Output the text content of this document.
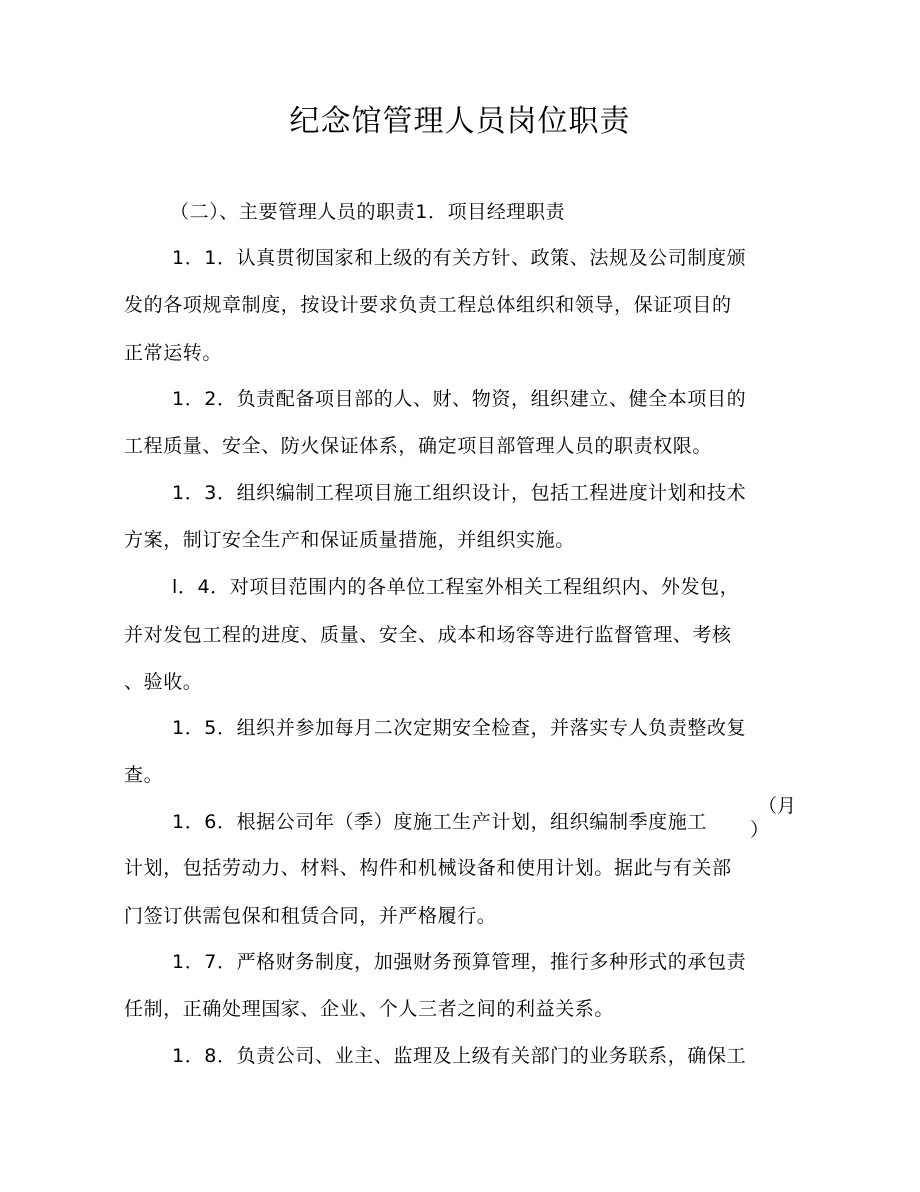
纪念馆管理人员岗位职责
（二）、主要管理人员的职责1．项目经理职责
1．1．认真贯彻国家和上级的有关方针、政策、法规及公司制度颁
发的各项规章制度，按设计要求负责工程总体组织和领导，保证项目的
正常运转。
1．2．负责配备项目部的人、财、物资，组织建立、健全本项目的
工程质量、安全、防火保证体系，确定项目部管理人员的职责权限。
1．3．组织编制工程项目施工组织设计，包括工程进度计划和技术
方案，制订安全生产和保证质量措施，并组织实施。
l．4．对项目范围内的各单位工程室外相关工程组织内、外发包，
并对发包工程的进度、质量、安全、成本和场容等进行监督管理、考核
、验收。
1．5．组织并参加每月二次定期安全检查，并落实专人负责整改复
查。
1．6．根据公司年（季）度施工生产计划，组织编制季度施工
（月
）
计划，包括劳动力、材料、构件和机械设备和使用计划。据此与有关部
门签订供需包保和租赁合同，并严格履行。
1．7．严格财务制度，加强财务预算管理，推行多种形式的承包责
任制，正确处理国家、企业、个人三者之间的利益关系。
1．8．负责公司、业主、监理及上级有关部门的业务联系，确保工
